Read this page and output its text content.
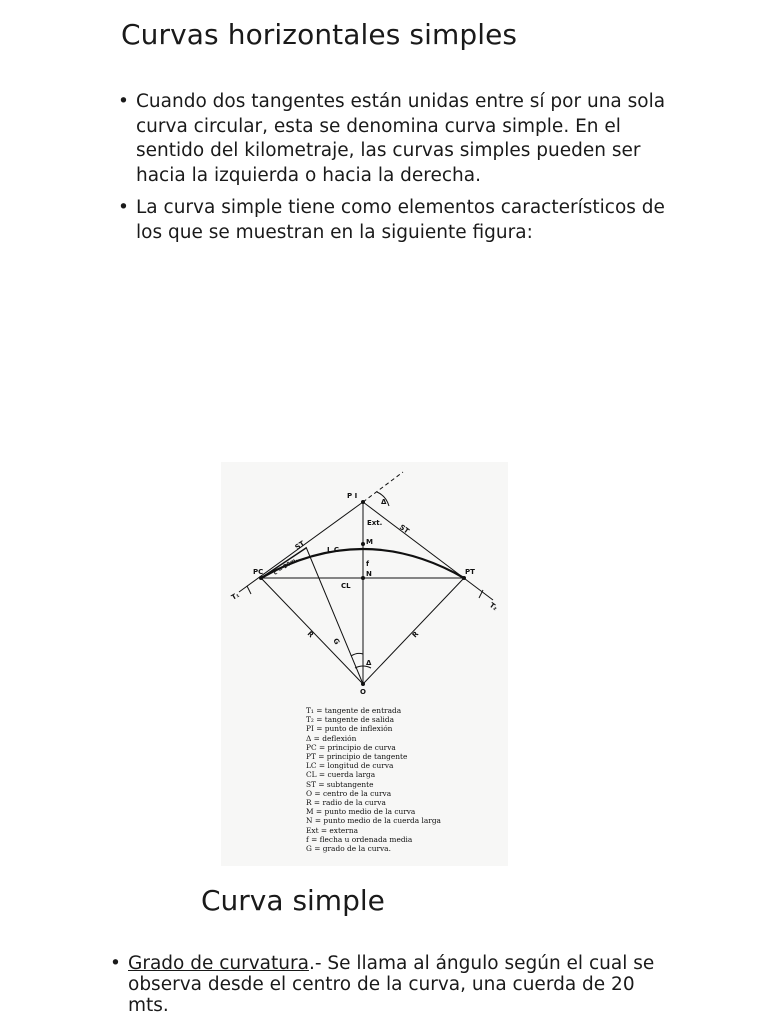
Curvas horizontales simples
• Cuando dos tangentes están unidas entre sí por una sola curva circular, esta se denomina curva simple. En el sentido del kilometraje, las curvas simples pueden ser hacia la izquierda o hacia la derecha.
• La curva simple tiene como elementos característicos de los que se muestran en la siguiente figura:
P I
Δ
Ext.
ST
ST
L C
M
f
PC	PT
N
CL
T₁
T₂
R	R
G
O
Δ
c = 20m.
T₁ = tangente de entrada
T₂ = tangente de salida
PI = punto de inflexión
Δ = deflexión
PC = principio de curva
PT = principio de tangente
LC = longitud de curva
CL = cuerda larga
ST = subtangente
O = centro de la curva
R = radio de la curva
M = punto medio de la curva
N = punto medio de la cuerda larga
Ext = externa
f = flecha u ordenada media
G = grado de la curva.
Curva simple
• Grado de curvatura.- Se llama al ángulo según el cual se observa desde el centro de la curva, una cuerda de 20 mts.
